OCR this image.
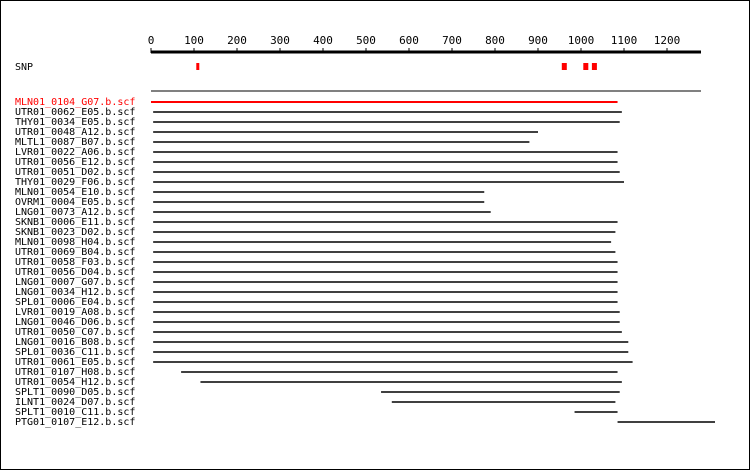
0	100 200 300 400 500 600 700 800 900 1000 1100 1200
SNP
MLN01_0104_G07.b.scf
UTR01_0062_E05.b.scf
THY01_0034_E05.b.scf
UTR01_0048_A12.b.scf
MLTL1_0087_B07.b.scf
LVR01_0022_A06.b.scf
UTR01_0056_E12.b.scf
UTR01_0051_D02.b.scf
THY01_0029_F06.b.scf
MLN01_0054_E10.b.scf
OVRM1_0004_E05.b.scf
LNG01_0073_A12.b.scf
SKNB1_0006_E11.b.scf
SKNB1_0023_D02.b.scf
MLN01_0098_H04.b.scf
UTR01_0069_B04.b.scf
UTR01_0058_F03.b.scf
UTR01_0056_D04.b.scf
LNG01_0007_G07.b.scf
LNG01_0034_H12.b.scf
SPL01_0006_E04.b.scf
LVR01_0019_A08.b.scf
LNG01_0046_D06.b.scf
UTR01_0050_C07.b.scf
LNG01_0016_B08.b.scf
SPL01_0036_C11.b.scf
UTR01_0061_E05.b.scf
UTR01_0107_H08.b.scf
UTR01_0054_H12.b.scf
SPLT1_0090_D05.b.scf
ILNT1_0024_D07.b.scf
SPLT1_0010_C11.b.scf
PTG01_0107_E12.b.scf
